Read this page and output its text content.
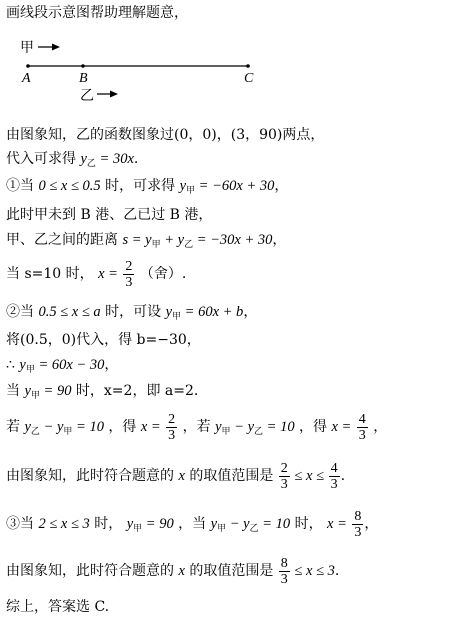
画线段示意图帮助理解题意，
甲
A	B	C
乙
由图象知，乙的函数图象过(0，0)，(3，90)两点，
代入可求得 $y_乙 = 30x$.
①当 0 ≤ x ≤ 0.5 时，可求得 $y_甲 = -60x + 30$，
此时甲未到 B 港、乙已过 B 港，
甲、乙之间的距离 $s = y_甲 + y_乙 = -30x + 30$，
当 s=10 时， $x = \frac{2}{3}$ （舍）.
②当 0.5 ≤ x ≤ a 时，可设 $y_甲 = 60x + b$，
将(0.5，0)代入，得 b=−30，
∴ $y_甲 = 60x - 30$，
当 $y_甲 = 90$ 时，x=2，即 a=2.
若 $y_乙 - y_甲 = 10$ ，得 $x = \frac{2}{3}$ ，若 $y_甲 - y_乙 = 10$ ，得 $x = \frac{4}{3}$ ，
由图象知，此时符合题意的 x 的取值范围是 $\frac{2}{3} \le x \le \frac{4}{3}$ .
③当 2 ≤ x ≤ 3 时， $y_甲 = 90$ ，当 $y_甲 - y_乙 = 10$ 时， $x = \frac{8}{3}$ ，
由图象知，此时符合题意的 x 的取值范围是 $\frac{8}{3} \le x \le 3$.
综上，答案选 C.
